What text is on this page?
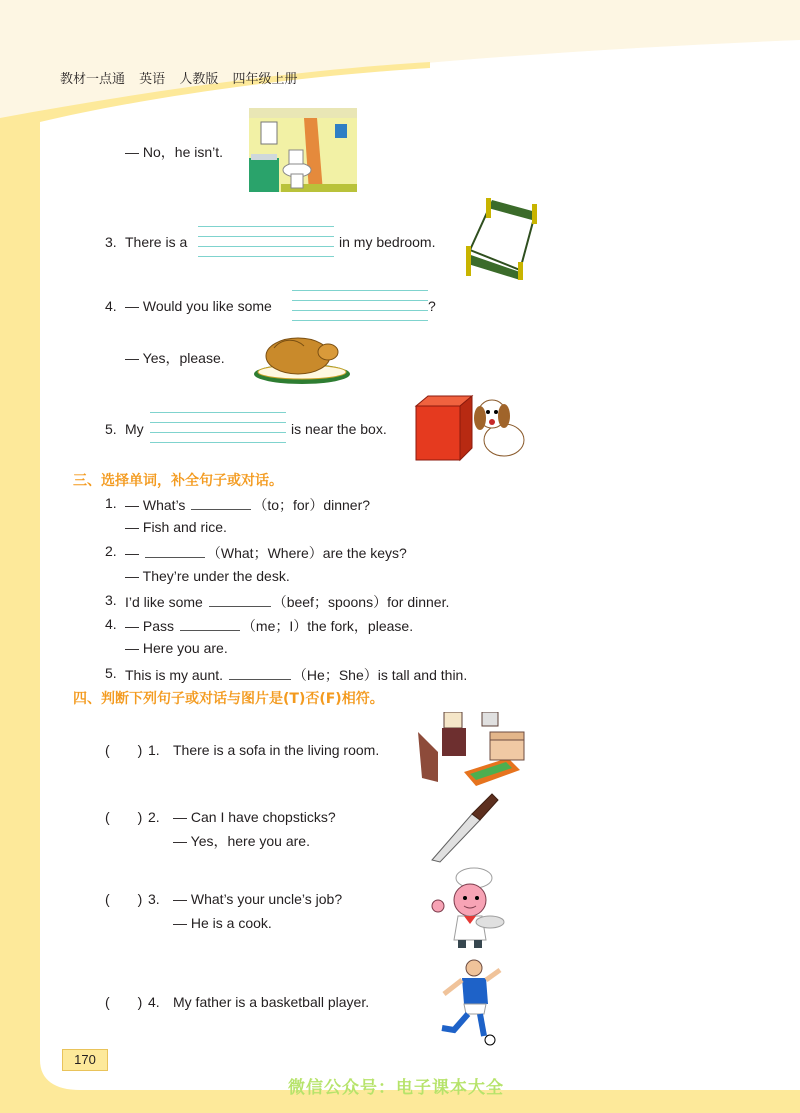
教材一点通 英语 人教版 四年级上册
— No，he isn’t.
3. There is a	in my bedroom.
4. — Would you like some	?
— Yes，please.
5. My	is near the box.
三、选择单词，补全句子或对话。
1. — What’s	（to；for）dinner?
— Fish and rice.
2. —	（What；Where）are the keys?
— They’re under the desk.
3. I’d like some	（beef；spoons）for dinner.
4. — Pass	（me；I）the fork，please.
— Here you are.
5. This is my aunt.	（He；She）is tall and thin.
四、判断下列句子或对话与图片是(T)否(F)相符。
(　　) 1. There is a sofa in the living room.
(　　) 2. — Can I have chopsticks?
— Yes，here you are.
(　　) 3. — What’s your uncle’s job?
— He is a cook.
(　　) 4. My father is a basketball player.
170
微信公众号：电子课本大全
